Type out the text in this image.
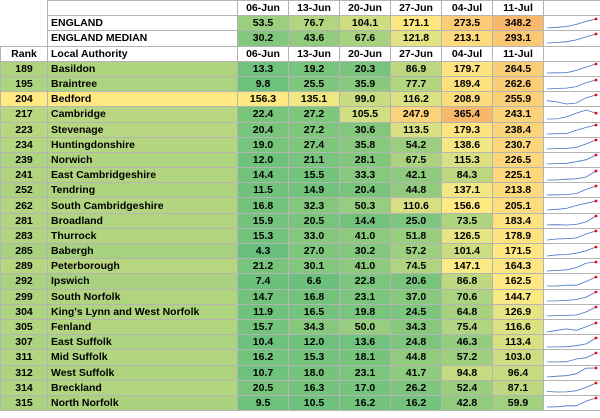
		06-Jun	13-Jun	20-Jun	27-Jun	04-Jul	11-Jul	
	ENGLAND	53.5	76.7	104.1	171.1	273.5	348.2	

	ENGLAND MEDIAN	30.2	43.6	67.6	121.8	213.1	293.1	

Rank	Local Authority	06-Jun	13-Jun	20-Jun	27-Jun	04-Jul	11-Jul	
189	Basildon	13.3	19.2	20.3	86.9	179.7	264.5	

195	Braintree	9.8	25.5	35.9	77.7	189.4	262.6	

204	Bedford	156.3	135.1	99.0	116.2	208.9	255.9	

217	Cambridge	22.4	27.2	105.5	247.9	365.4	243.1	

223	Stevenage	20.4	27.2	30.6	113.5	179.3	238.4	

234	Huntingdonshire	19.0	27.4	35.8	54.2	138.6	230.7	

239	Norwich	12.0	21.1	28.1	67.5	115.3	226.5	

241	East Cambridgeshire	14.4	15.5	33.3	42.1	84.3	225.1	

252	Tendring	11.5	14.9	20.4	44.8	137.1	213.8	

262	South Cambridgeshire	16.8	32.3	50.3	110.6	156.6	205.1	

281	Broadland	15.9	20.5	14.4	25.0	73.5	183.4	

283	Thurrock	15.3	33.0	41.0	51.8	126.5	178.9	

285	Babergh	4.3	27.0	30.2	57.2	101.4	171.5	

289	Peterborough	21.2	30.1	41.0	74.5	147.1	164.3	

292	Ipswich	7.4	6.6	22.8	20.6	86.8	162.5	

299	South Norfolk	14.7	16.8	23.1	37.0	70.6	144.7	

304	King's Lynn and West Norfolk	11.9	16.5	19.8	24.5	64.8	126.9	

305	Fenland	15.7	34.3	50.0	34.3	75.4	116.6	

307	East Suffolk	10.4	12.0	13.6	24.8	46.3	113.4	

311	Mid Suffolk	16.2	15.3	18.1	44.8	57.2	103.0	

312	West Suffolk	10.7	18.0	23.1	41.7	94.8	96.4	

314	Breckland	20.5	16.3	17.0	26.2	52.4	87.1	

315	North Norfolk	9.5	10.5	16.2	16.2	42.8	59.9	
